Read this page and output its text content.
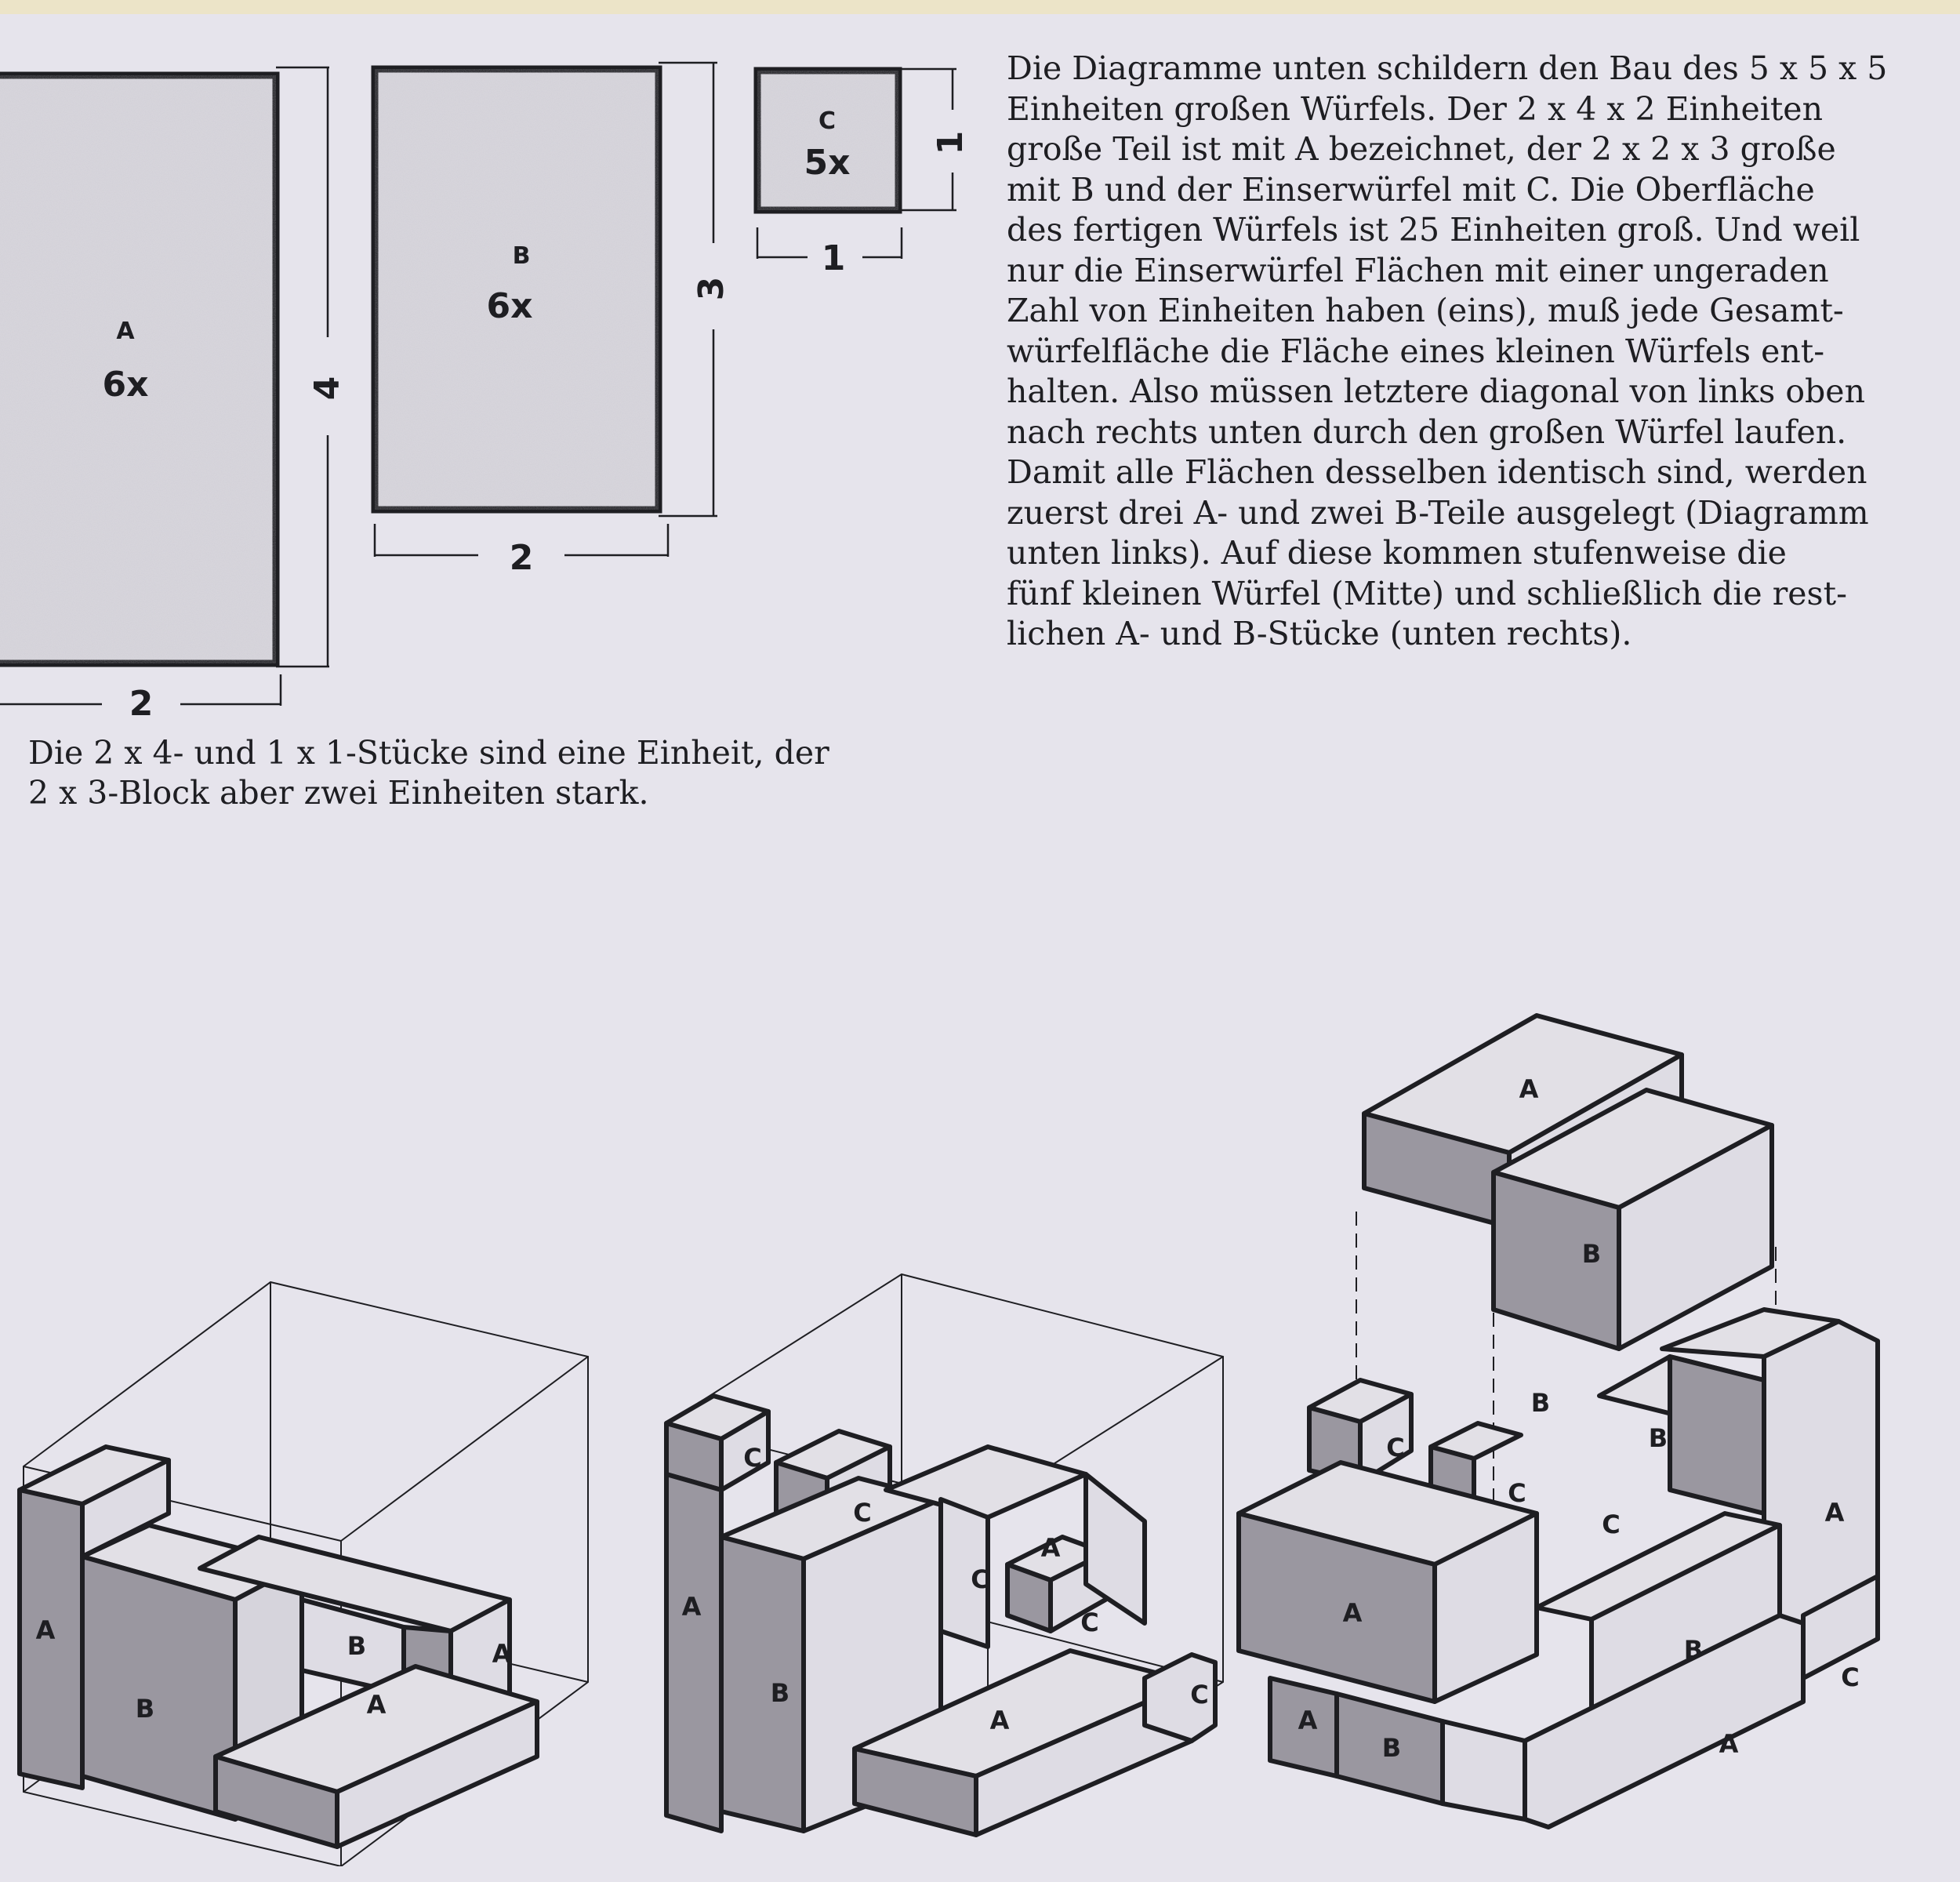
A
6x	4
2
B
6x	3
2
C
5x 1
1
Die 2 x 4- und 1 x 1-Stücke sind eine Einheit, der
2 x 3-Block aber zwei Einheiten stark.
Die Diagramme unten schildern den Bau des 5 x 5 x 5
Einheiten großen Würfels. Der 2 x 4 x 2 Einheiten
große Teil ist mit A bezeichnet, der 2 x 2 x 3 große
mit B und der Einserwürfel mit C. Die Oberfläche
des fertigen Würfels ist 25 Einheiten groß. Und weil
nur die Einserwürfel Flächen mit einer ungeraden
Zahl von Einheiten haben (eins), muß jede Gesamt-
würfelfläche die Fläche eines kleinen Würfels ent-
halten. Also müssen letztere diagonal von links oben
nach rechts unten durch den großen Würfel laufen.
Damit alle Flächen desselben identisch sind, werden
zuerst drei A- und zwei B-Teile ausgelegt (Diagramm
unten links). Auf diese kommen stufenweise die
fünf kleinen Würfel (Mitte) und schließlich die rest-
lichen A- und B-Stücke (unten rechts).
A
B
B	A
A
C
C
A
C
A
A
B
C
C
A
B
B
B
C
C
C	A
A
B
C
A
B	A
